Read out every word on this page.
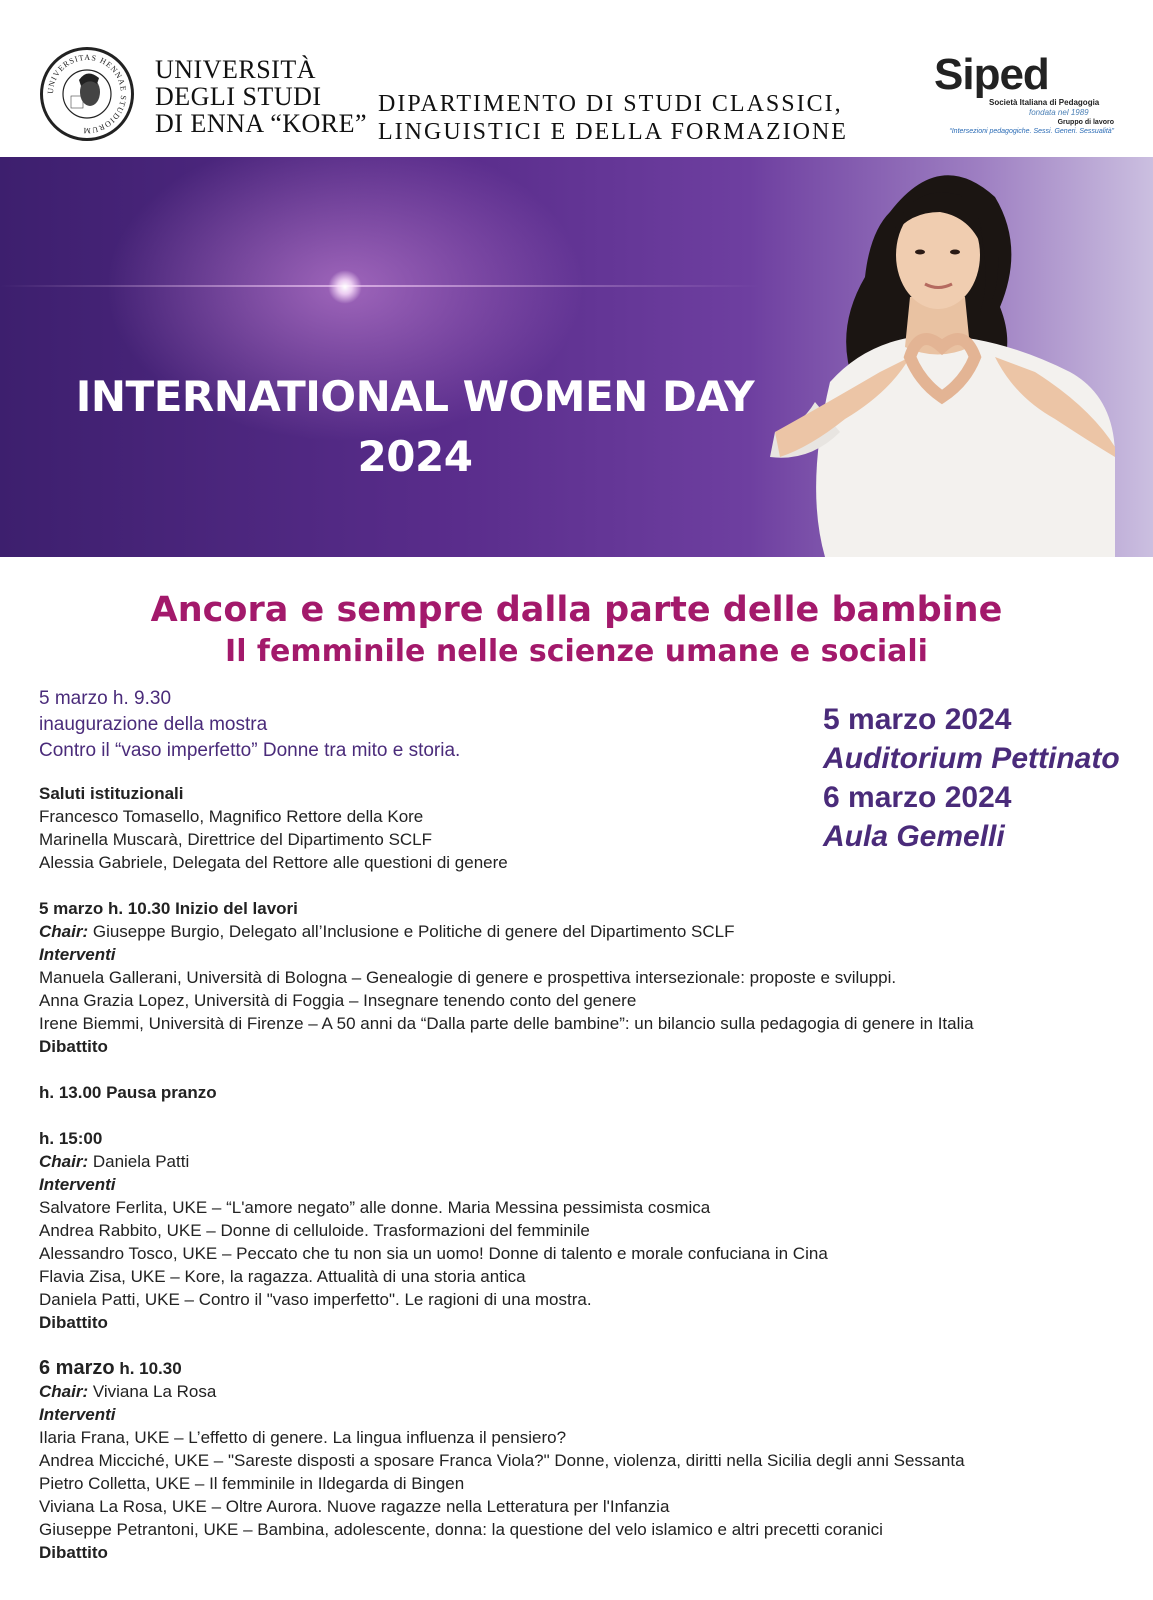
UNIVERSITAS HENNAE STUDIORUM
UNIVERSITÀ
DEGLI STUDI
DI ENNA “KORE”
DIPARTIMENTO DI STUDI CLASSICI,
LINGUISTICI E DELLA FORMAZIONE
Siped
Società Italiana di Pedagogia
fondata nel 1989
Gruppo di lavoro
“Intersezioni pedagogiche. Sessi. Generi. Sessualità”
INTERNATIONAL WOMEN DAY
2024
Ancora e sempre dalla parte delle bambine
Il femminile nelle scienze umane e sociali
5 marzo 2024
Auditorium Pettinato
6 marzo 2024
Aula Gemelli
5 marzo h. 9.30
inaugurazione della mostra
Contro il “vaso imperfetto” Donne tra mito e storia.
Saluti istituzionali
Francesco Tomasello, Magnifico Rettore della Kore
Marinella Muscarà, Direttrice del Dipartimento SCLF
Alessia Gabriele, Delegata del Rettore alle questioni di genere
5 marzo h. 10.30 Inizio del lavori
Chair: Giuseppe Burgio, Delegato all’Inclusione e Politiche di genere del Dipartimento SCLF
Interventi
Manuela Gallerani, Università di Bologna – Genealogie di genere e prospettiva intersezionale: proposte e sviluppi.
Anna Grazia Lopez, Università di Foggia – Insegnare tenendo conto del genere
Irene Biemmi, Università di Firenze – A 50 anni da “Dalla parte delle bambine”: un bilancio sulla pedagogia di genere in Italia
Dibattito
h. 13.00 Pausa pranzo
h. 15:00
Chair: Daniela Patti
Interventi
Salvatore Ferlita, UKE – “L'amore negato” alle donne. Maria Messina pessimista cosmica
Andrea Rabbito, UKE – Donne di celluloide. Trasformazioni del femminile
Alessandro Tosco, UKE – Peccato che tu non sia un uomo! Donne di talento e morale confuciana in Cina
Flavia Zisa, UKE – Kore, la ragazza. Attualità di una storia antica
Daniela Patti, UKE – Contro il "vaso imperfetto". Le ragioni di una mostra.
Dibattito
6 marzo h. 10.30
Chair: Viviana La Rosa
Interventi
Ilaria Frana, UKE – L’effetto di genere. La lingua influenza il pensiero?
Andrea Micciché, UKE – "Sareste disposti a sposare Franca Viola?" Donne, violenza, diritti nella Sicilia degli anni Sessanta
Pietro Colletta, UKE – Il femminile in Ildegarda di Bingen
Viviana La Rosa, UKE – Oltre Aurora. Nuove ragazze nella Letteratura per l'Infanzia
Giuseppe Petrantoni, UKE – Bambina, adolescente, donna: la questione del velo islamico e altri precetti coranici
Dibattito
